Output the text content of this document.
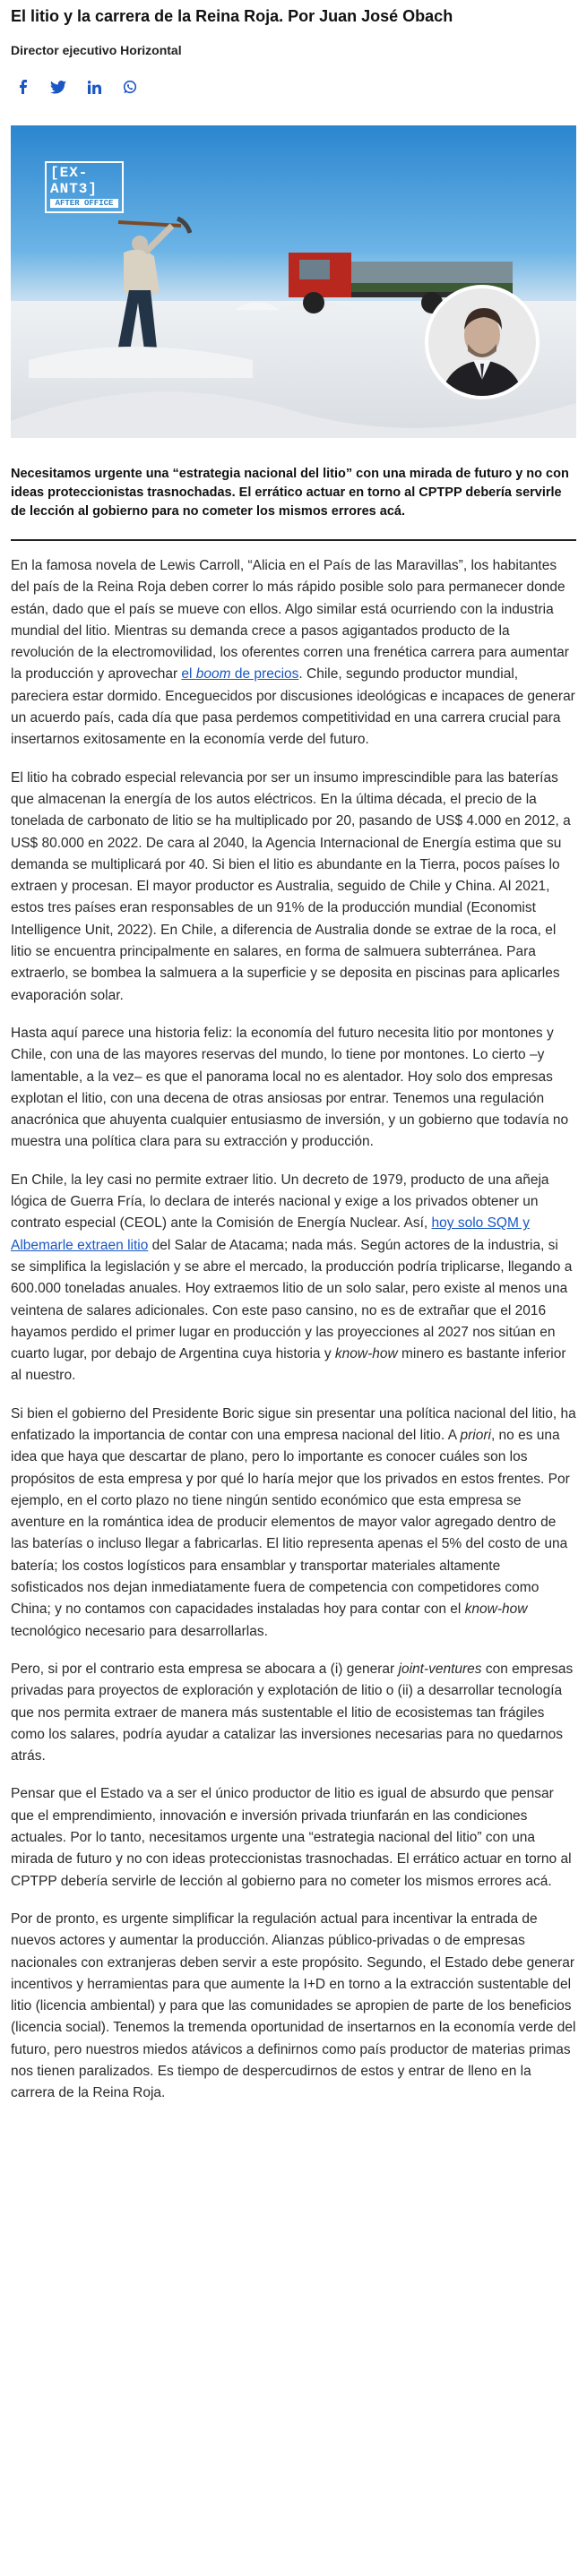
El litio y la carrera de la Reina Roja. Por Juan José Obach
Director ejecutivo Horizontal
[EX-ANT3]
AFTER OFFICE
Necesitamos urgente una “estrategia nacional del litio” con una mirada de futuro y no con ideas proteccionistas trasnochadas. El errático actuar en torno al CPTPP debería servirle de lección al gobierno para no cometer los mismos errores acá.

En la famosa novela de Lewis Carroll, “Alicia en el País de las Maravillas”, los habitantes del país de la Reina Roja deben correr lo más rápido posible solo para permanecer donde están, dado que el país se mueve con ellos. Algo similar está ocurriendo con la industria mundial del litio. Mientras su demanda crece a pasos agigantados producto de la revolución de la electromovilidad, los oferentes corren una frenética carrera para aumentar la producción y aprovechar el boom de precios. Chile, segundo productor mundial, pareciera estar dormido. Enceguecidos por discusiones ideológicas e incapaces de generar un acuerdo país, cada día que pasa perdemos competitividad en una carrera crucial para insertarnos exitosamente en la economía verde del futuro.

El litio ha cobrado especial relevancia por ser un insumo imprescindible para las baterías que almacenan la energía de los autos eléctricos. En la última década, el precio de la tonelada de carbonato de litio se ha multiplicado por 20, pasando de US$ 4.000 en 2012, a US$ 80.000 en 2022. De cara al 2040, la Agencia Internacional de Energía estima que su demanda se multiplicará por 40. Si bien el litio es abundante en la Tierra, pocos países lo extraen y procesan. El mayor productor es Australia, seguido de Chile y China. Al 2021, estos tres países eran responsables de un 91% de la producción mundial (Economist Intelligence Unit, 2022). En Chile, a diferencia de Australia donde se extrae de la roca, el litio se encuentra principalmente en salares, en forma de salmuera subterránea. Para extraerlo, se bombea la salmuera a la superficie y se deposita en piscinas para aplicarles evaporación solar.

Hasta aquí parece una historia feliz: la economía del futuro necesita litio por montones y Chile, con una de las mayores reservas del mundo, lo tiene por montones. Lo cierto –y lamentable, a la vez– es que el panorama local no es alentador. Hoy solo dos empresas explotan el litio, con una decena de otras ansiosas por entrar. Tenemos una regulación anacrónica que ahuyenta cualquier entusiasmo de inversión, y un gobierno que todavía no muestra una política clara para su extracción y producción.

En Chile, la ley casi no permite extraer litio. Un decreto de 1979, producto de una añeja lógica de Guerra Fría, lo declara de interés nacional y exige a los privados obtener un contrato especial (CEOL) ante la Comisión de Energía Nuclear. Así, hoy solo SQM y Albemarle extraen litio del Salar de Atacama; nada más. Según actores de la industria, si se simplifica la legislación y se abre el mercado, la producción podría triplicarse, llegando a 600.000 toneladas anuales. Hoy extraemos litio de un solo salar, pero existe al menos una veintena de salares adicionales. Con este paso cansino, no es de extrañar que el 2016 hayamos perdido el primer lugar en producción y las proyecciones al 2027 nos sitúan en cuarto lugar, por debajo de Argentina cuya historia y know-how minero es bastante inferior al nuestro.

Si bien el gobierno del Presidente Boric sigue sin presentar una política nacional del litio, ha enfatizado la importancia de contar con una empresa nacional del litio. A priori, no es una idea que haya que descartar de plano, pero lo importante es conocer cuáles son los propósitos de esta empresa y por qué lo haría mejor que los privados en estos frentes. Por ejemplo, en el corto plazo no tiene ningún sentido económico que esta empresa se aventure en la romántica idea de producir elementos de mayor valor agregado dentro de las baterías o incluso llegar a fabricarlas. El litio representa apenas el 5% del costo de una batería; los costos logísticos para ensamblar y transportar materiales altamente sofisticados nos dejan inmediatamente fuera de competencia con competidores como China; y no contamos con capacidades instaladas hoy para contar con el know-how tecnológico necesario para desarrollarlas.

Pero, si por el contrario esta empresa se abocara a (i) generar joint-ventures con empresas privadas para proyectos de exploración y explotación de litio o (ii) a desarrollar tecnología que nos permita extraer de manera más sustentable el litio de ecosistemas tan frágiles como los salares, podría ayudar a catalizar las inversiones necesarias para no quedarnos atrás.

Pensar que el Estado va a ser el único productor de litio es igual de absurdo que pensar que el emprendimiento, innovación e inversión privada triunfarán en las condiciones actuales. Por lo tanto, necesitamos urgente una “estrategia nacional del litio” con una mirada de futuro y no con ideas proteccionistas trasnochadas. El errático actuar en torno al CPTPP debería servirle de lección al gobierno para no cometer los mismos errores acá.

Por de pronto, es urgente simplificar la regulación actual para incentivar la entrada de nuevos actores y aumentar la producción. Alianzas público-privadas o de empresas nacionales con extranjeras deben servir a este propósito. Segundo, el Estado debe generar incentivos y herramientas para que aumente la I+D en torno a la extracción sustentable del litio (licencia ambiental) y para que las comunidades se apropien de parte de los beneficios (licencia social). Tenemos la tremenda oportunidad de insertarnos en la economía verde del futuro, pero nuestros miedos atávicos a definirnos como país productor de materias primas nos tienen paralizados. Es tiempo de despercudirnos de estos y entrar de lleno en la carrera de la Reina Roja.
